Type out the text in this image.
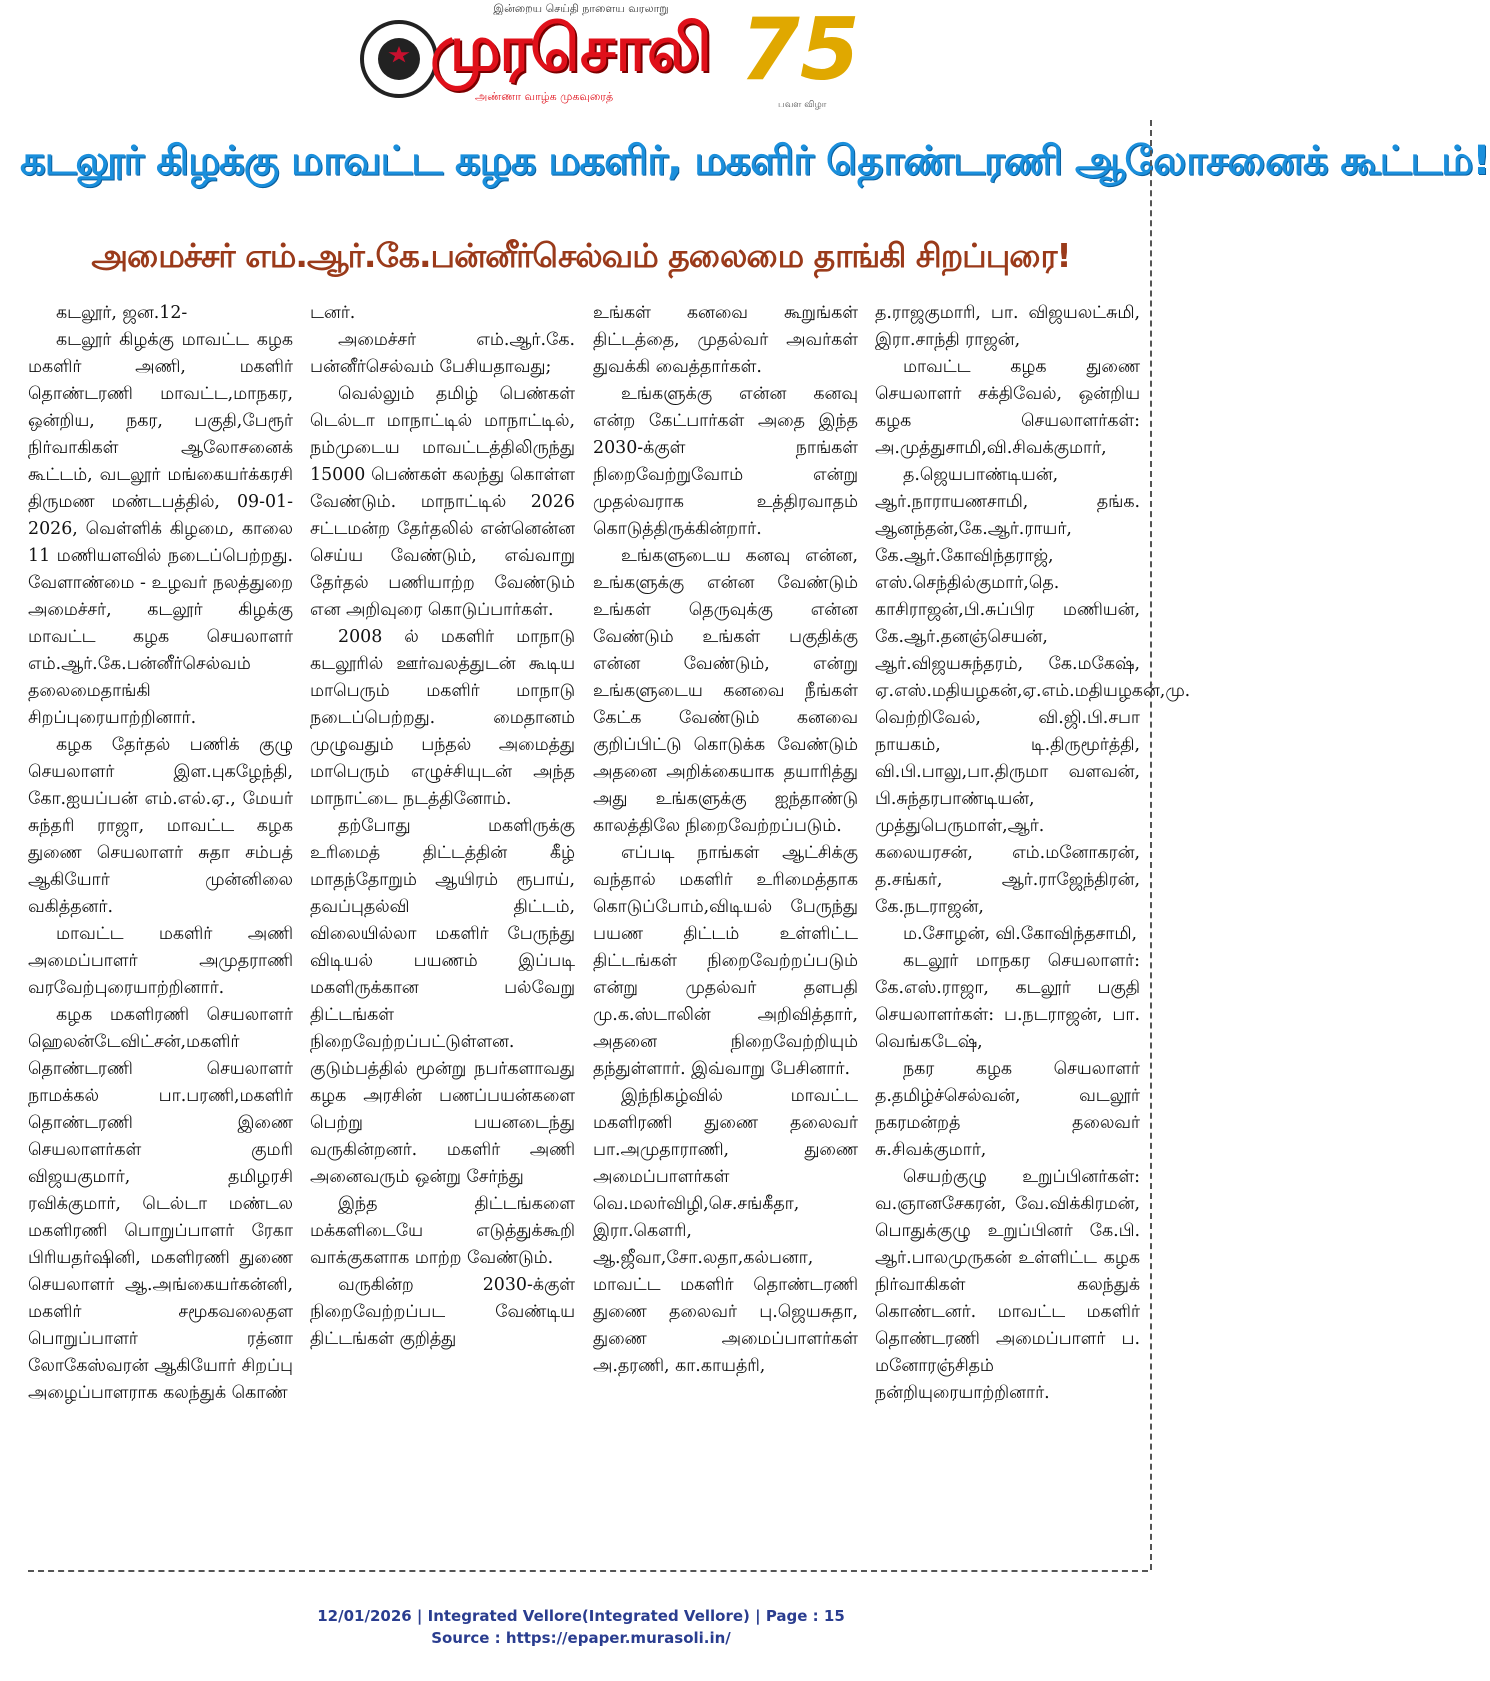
இன்றைய செய்தி நாளைய வரலாறு
முரசொலி
அண்ணா வாழ்க முகவுரைத் 75
பவள விழா
கடலூர் கிழக்கு மாவட்ட கழக மகளிர், மகளிர் தொண்டரணி ஆலோசனைக் கூட்டம்!
அமைச்சர் எம்.ஆர்.கே.பன்னீர்செல்வம் தலைமை தாங்கி சிறப்புரை!

கடலூர், ஜன.12-

கடலூர் கிழக்கு மாவட்ட கழக மகளிர் அணி, மகளிர் தொண்டரணி மாவட்ட,மாநகர, ஒன்றிய, நகர, பகுதி,பேரூர் நிர்வாகிகள் ஆலோசனைக் கூட்டம், வடலூர் மங்கையர்க்கரசி திருமண மண்டபத்தில், 09-01-2026, வெள்ளிக் கிழமை, காலை 11 மணியளவில் நடைப்பெற்றது. வேளாண்மை - உழவர் நலத்துறை அமைச்சர், கடலூர் கிழக்கு மாவட்ட கழக செயலாளர் எம்.ஆர்.கே.பன்னீர்செல்வம் தலைமைதாங்கி சிறப்புரையாற்றினார்.

கழக தேர்தல் பணிக் குழு செயலாளர் இள.புகழேந்தி, கோ.ஐயப்பன் எம்.எல்.ஏ., மேயர் சுந்தரி ராஜா, மாவட்ட கழக துணை செயலாளர் சுதா சம்பத் ஆகியோர் முன்னிலை வகித்தனர்.

மாவட்ட மகளிர் அணி அமைப்பாளர் அமுதராணி வரவேற்புரையாற்றினார்.

கழக மகளிரணி செயலாளர் ஹெலன்டேவிட்சன்,மகளிர் தொண்டரணி செயலாளர் நாமக்கல் பா.பரணி,மகளிர் தொண்டரணி இணை செயலாளர்கள் குமரி விஜயகுமார், தமிழரசி ரவிக்குமார், டெல்டா மண்டல மகளிரணி பொறுப்பாளர் ரேகா பிரியதர்ஷினி, மகளிரணி துணை செயலாளர் ஆ.அங்கையர்கன்னி, மகளிர் சமூகவலைதள பொறுப்பாளர் ரத்னா லோகேஸ்வரன் ஆகியோர் சிறப்பு அழைப்பாளராக கலந்துக் கொண்

டனர்.

அமைச்சர் எம்.ஆர்.கே. பன்னீர்செல்வம் பேசியதாவது;

வெல்லும் தமிழ் பெண்கள் டெல்டா மாநாட்டில் மாநாட்டில், நம்முடைய மாவட்டத்திலிருந்து 15000 பெண்கள் கலந்து கொள்ள வேண்டும். மாநாட்டில் 2026 சட்டமன்ற தேர்தலில் என்னென்ன செய்ய வேண்டும், எவ்வாறு தேர்தல் பணியாற்ற வேண்டும் என அறிவுரை கொடுப்பார்கள்.

2008 ல் மகளிர் மாநாடு கடலூரில் ஊர்வலத்துடன் கூடிய மாபெரும் மகளிர் மாநாடு நடைப்பெற்றது. மைதானம் முழுவதும் பந்தல் அமைத்து மாபெரும் எழுச்சியுடன் அந்த மாநாட்டை நடத்தினோம்.

தற்போது மகளிருக்கு உரிமைத் திட்டத்தின் கீழ் மாதந்தோறும் ஆயிரம் ரூபாய், தவப்புதல்வி திட்டம், விலையில்லா மகளிர் பேருந்து விடியல் பயணம் இப்படி மகளிருக்கான பல்வேறு திட்டங்கள் நிறைவேற்றப்பட்டுள்ளன. குடும்பத்தில் மூன்று நபர்களாவது கழக அரசின் பணப்பயன்களை பெற்று பயனடைந்து வருகின்றனர். மகளிர் அணி அனைவரும் ஒன்று சேர்ந்து

இந்த திட்டங்களை மக்களிடையே எடுத்துக்கூறி வாக்குகளாக மாற்ற வேண்டும்.

வருகின்ற 2030-க்குள் நிறைவேற்றப்பட வேண்டிய திட்டங்கள் குறித்து

உங்கள் கனவை கூறுங்கள் திட்டத்தை, முதல்வர் அவர்கள் துவக்கி வைத்தார்கள்.

உங்களுக்கு என்ன கனவு என்ற கேட்பார்கள் அதை இந்த 2030-க்குள் நாங்கள் நிறைவேற்றுவோம் என்று முதல்வராக உத்திரவாதம் கொடுத்திருக்கின்றார்.

உங்களுடைய கனவு என்ன, உங்களுக்கு என்ன வேண்டும் உங்கள் தெருவுக்கு என்ன வேண்டும் உங்கள் பகுதிக்கு என்ன வேண்டும், என்று உங்களுடைய கனவை நீங்கள் கேட்க வேண்டும் கனவை குறிப்பிட்டு கொடுக்க வேண்டும் அதனை அறிக்கையாக தயாரித்து அது உங்களுக்கு ஐந்தாண்டு காலத்திலே நிறைவேற்றப்படும்.

எப்படி நாங்கள் ஆட்சிக்கு வந்தால் மகளிர் உரிமைத்தாக கொடுப்போம்,விடியல் பேருந்து பயண திட்டம் உள்ளிட்ட திட்டங்கள் நிறைவேற்றப்படும் என்று முதல்வர் தளபதி மு.க.ஸ்டாலின் அறிவித்தார், அதனை நிறைவேற்றியும் தந்துள்ளார். இவ்வாறு பேசினார்.

இந்நிகழ்வில் மாவட்ட மகளிரணி துணை தலைவர் பா.அமுதாராணி, துணை அமைப்பாளர்கள் வெ.மலர்விழி,செ.சங்கீதா, இரா.கௌரி, ஆ.ஜீவா,சோ.லதா,கல்பனா, மாவட்ட மகளிர் தொண்டரணி துணை தலைவர் பு.ஜெயசுதா, துணை அமைப்பாளர்கள் அ.தரணி, கா.காயத்ரி,

த.ராஜகுமாரி, பா. விஜயலட்சுமி, இரா.சாந்தி ராஜன்,

மாவட்ட கழக துணை செயலாளர் சக்திவேல், ஒன்றிய கழக செயலாளர்கள்: அ.முத்துசாமி,வி.சிவக்குமார்,

த.ஜெயபாண்டியன், ஆர்.நாராயணசாமி, தங்க. ஆனந்தன்,கே.ஆர்.ராயர், கே.ஆர்.கோவிந்தராஜ், எஸ்.செந்தில்குமார்,தெ. காசிராஜன்,பி.சுப்பிர மணியன், கே.ஆர்.தனஞ்செயன், ஆர்.விஜயசுந்தரம், கே.மகேஷ், ஏ.எஸ்.மதியழகன்,ஏ.எம்.மதியழகன்,மு. வெற்றிவேல், வி.ஜி.பி.சபா நாயகம், டி.திருமூர்த்தி, வி.பி.பாலு,பா.திருமா வளவன், பி.சுந்தரபாண்டியன், முத்துபெருமாள்,ஆர். கலையரசன், எம்.மனோகரன், த.சங்கர், ஆர்.ராஜேந்திரன், கே.நடராஜன்,

ம.சோழன், வி.கோவிந்தசாமி,

கடலூர் மாநகர செயலாளர்: கே.எஸ்.ராஜா, கடலூர் பகுதி செயலாளர்கள்: ப.நடராஜன், பா. வெங்கடேஷ்,

நகர கழக செயலாளர் த.தமிழ்ச்செல்வன், வடலூர் நகரமன்றத் தலைவர் சு.சிவக்குமார்,

செயற்குழு உறுப்பினர்கள்: வ.ஞானசேகரன், வே.விக்கிரமன், பொதுக்குழு உறுப்பினர் கே.பி. ஆர்.பாலமுருகன் உள்ளிட்ட கழக நிர்வாகிகள் கலந்துக் கொண்டனர். மாவட்ட மகளிர் தொண்டரணி அமைப்பாளர் ப. மனோரஞ்சிதம் நன்றியுரையாற்றினார்.

12/01/2026 | Integrated Vellore(Integrated Vellore) | Page : 15
Source : https://epaper.murasoli.in/
